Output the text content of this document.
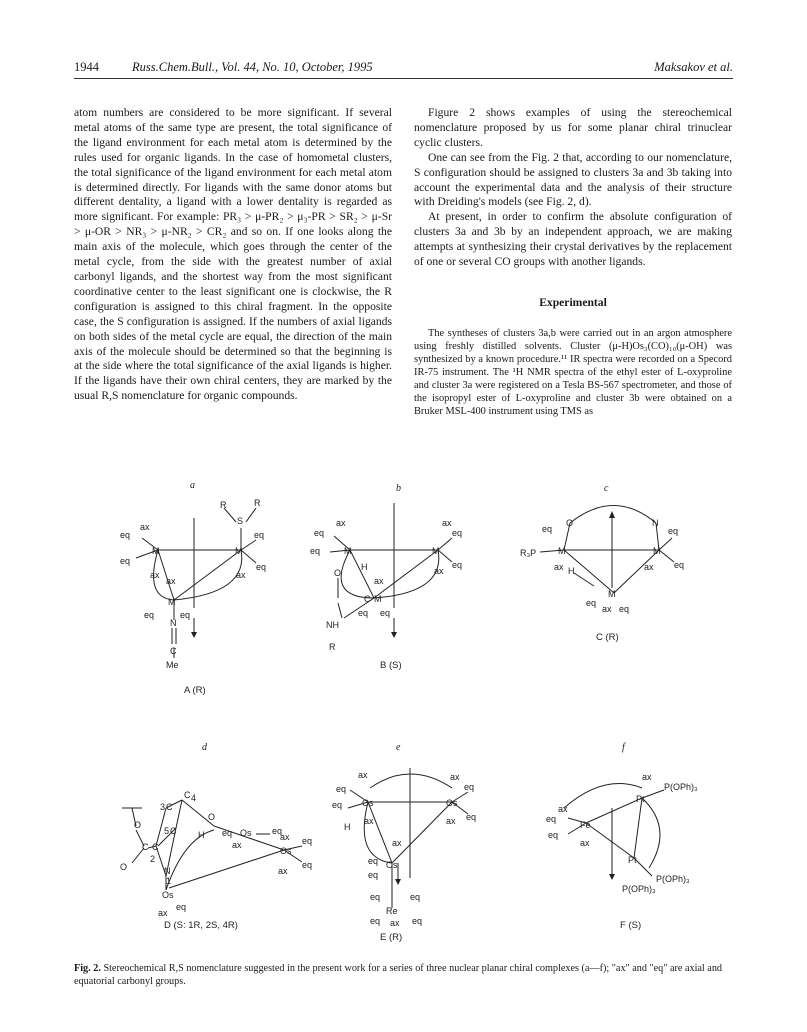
1944	Russ.Chem.Bull., Vol. 44, No. 10, October, 1995	Maksakov et al.

atom numbers are considered to be more significant. If several metal atoms of the same type are present, the total significance of the ligand environment for each metal atom is determined by the rules used for organic ligands. In the case of homometal clusters, the total significance of the ligand environment for each metal atom is determined directly. For ligands with the same donor atoms but different dentality, a ligand with a lower dentality is regarded as more significant. For example: PR₃ > μ-PR₂ > μ₃-PR > SR₂ > μ-Sr > μ-OR > NR₃ > μ-NR₂ > CR₂ and so on. If one looks along the main axis of the molecule, which goes through the center of the metal cycle, from the side with the greatest number of axial carbonyl ligands, and the shortest way from the most significant coordinative center to the least significant one is clockwise, the R configuration is assigned to this chiral fragment. In the opposite case, the S configuration is assigned. If the numbers of axial ligands on both sides of the metal cycle are equal, the direction of the main axis of the molecule should be determined so that the beginning is at the side where the total significance of the axial ligands is higher. If the ligands have their own chiral centers, they are marked by the usual R,S nomenclature for organic compounds.

Figure 2 shows examples of using the stereochemical nomenclature proposed by us for some planar chiral trinuclear cyclic clusters.

One can see from the Fig. 2 that, according to our nomenclature, S configuration should be assigned to clusters 3a and 3b taking into account the experimental data and the analysis of their structure with Dreiding's models (see Fig. 2, d).

At present, in order to confirm the absolute configuration of clusters 3a and 3b by an independent approach, we are making attempts at synthesizing their crystal derivatives by the replacement of one or several CO groups with another ligands.

Experimental

The syntheses of clusters 3a,b were carried out in an argon atmosphere using freshly distilled solvents. Cluster (μ-H)Os₃(CO)₁₀(μ-OH) was synthesized by a known procedure.¹¹ IR spectra were recorded on a Specord IR-75 instrument. The ¹H NMR spectra of the ethyl ester of L-oxyproline and cluster 3a were registered on a Tesla BS-567 spectrometer, and those of the isopropyl ester of L-oxyproline and cluster 3b were obtained on a Bruker MSL-400 instrument using TMS as

a
R	R
S
M	M
M
N
C
Me
eq
ax
eq
ax
eq
eq
ax
ax
eq	eq
A (R)
b
M	M
M
C
O
H
NH
R
eq
ax
eq
ax
eq
eq
ax
ax
eq eq
B (S)
c
eq
O	N
eq
R₃P M	M
M
H
ax	ax eq
eq
ax eq
C (R)
d
3 C
C 4
5 C
O
C
O
C
2
O
H
N
1
Os
Os
Os
eq	eq
ax
ax eq
eq
ax
eq
ax
D (S: 1R, 2S, 4R)
e
Os	Os
Os
Re
H
ax
eq
eq
ax
ax
eq
eq
ax
ax
eq
eq
eq	eq
eq ax eq
E (R)
f
Fe
Pt
Pt
ax
eq
eq
ax
ax
P(OPh)₃
P(OPh)₃
P(OPh)₃
F (S)
Fig. 2. Stereochemical R,S nomenclature suggested in the present work for a series of three nuclear planar chiral complexes (a—f); "ax" and "eq" are axial and equatorial carbonyl groups.
